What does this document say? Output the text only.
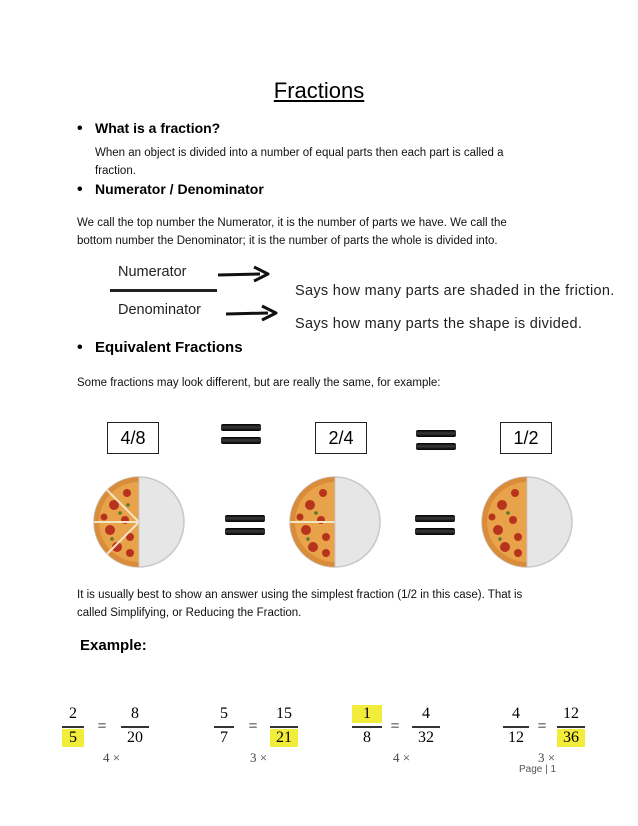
Fractions
• What is a fraction?
When an object is divided into a number of equal parts then each part is called a
fraction.
• Numerator / Denominator
We call the top number the Numerator, it is the number of parts we have. We call the
bottom number the Denominator; it is the number of parts the whole is divided into.
Numerator
Denominator
Says how many parts are shaded in the friction.
Says how many parts the shape is divided.
• Equivalent Fractions
Some fractions may look different, but are really the same, for example:
4/8	2/4	1/2
It is usually best to show an answer using the simplest fraction (1/2 in this case). That is
called Simplifying, or Reducing the Fraction.
Example:
2
5
=
8
20
4 ×
5
7
=
15
21
3 ×
1
8
=
4
32
4 ×
4
12
=
12
36
3 ×
Page | 1
